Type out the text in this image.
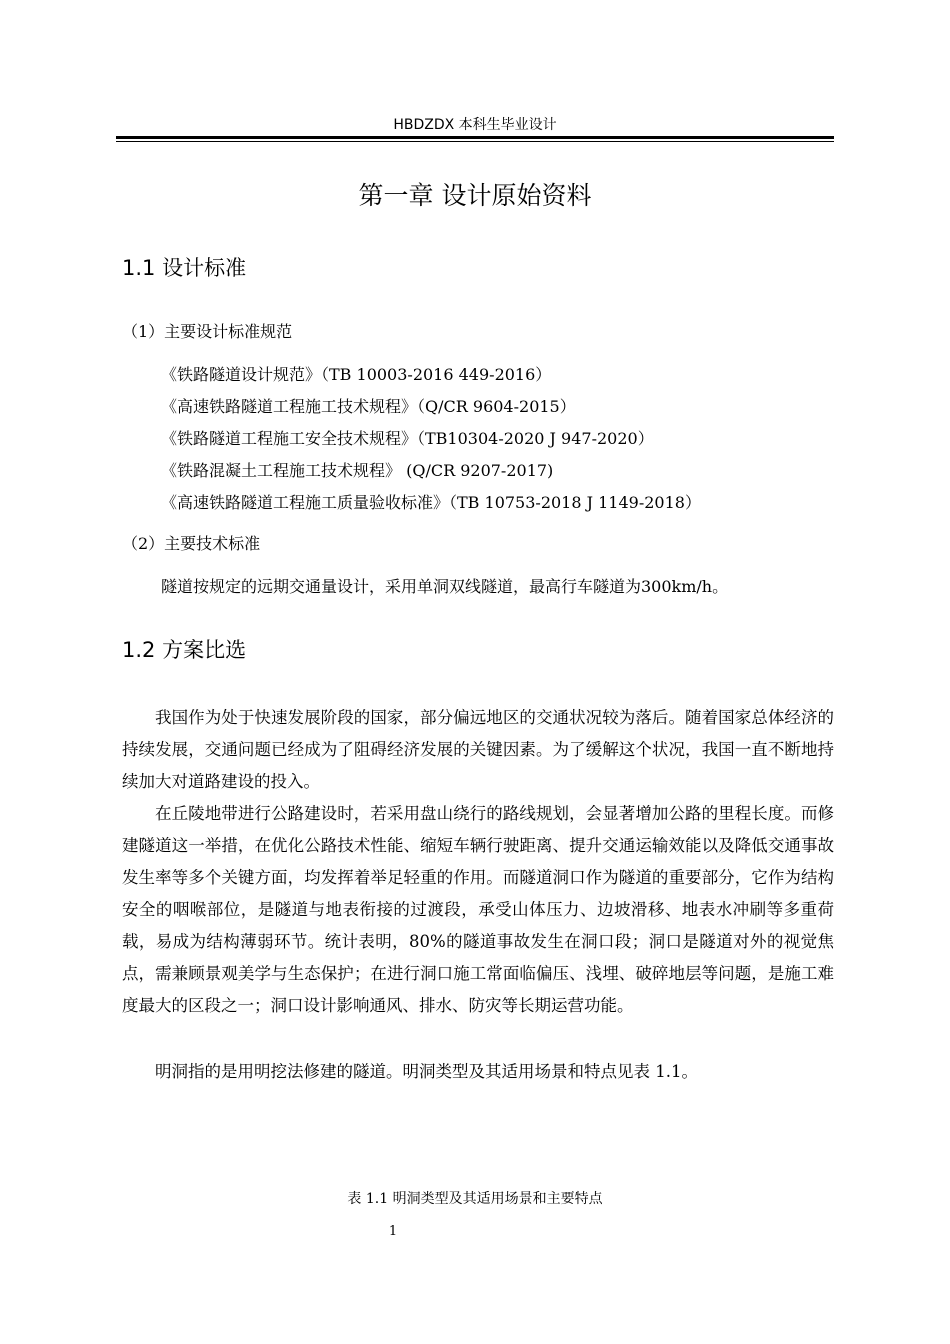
HBDZDX 本科生毕业设计
第一章 设计原始资料
1.1 设计标准
（1）主要设计标准规范
《铁路隧道设计规范》（TB 10003-2016 449-2016）
《高速铁路隧道工程施工技术规程》（Q/CR 9604-2015）
《铁路隧道工程施工安全技术规程》（TB10304-2020 J 947-2020）
《铁路混凝土工程施工技术规程》 (Q/CR 9207-2017)
《高速铁路隧道工程施工质量验收标准》（TB 10753-2018 J 1149-2018）
（2）主要技术标准
隧道按规定的远期交通量设计，采用单洞双线隧道，最高行车隧道为300km/h。
1.2 方案比选
我国作为处于快速发展阶段的国家，部分偏远地区的交通状况较为落后。随着国家总体经济的持续发展，交通问题已经成为了阻碍经济发展的关键因素。为了缓解这个状况，我国一直不断地持续加大对道路建设的投入。
在丘陵地带进行公路建设时，若采用盘山绕行的路线规划，会显著增加公路的里程长度。而修建隧道这一举措，在优化公路技术性能、缩短车辆行驶距离、提升交通运输效能以及降低交通事故发生率等多个关键方面，均发挥着举足轻重的作用。而隧道洞口作为隧道的重要部分，它作为结构安全的咽喉部位，是隧道与地表衔接的过渡段，承受山体压力、边坡滑移、地表水冲刷等多重荷载，易成为结构薄弱环节。统计表明，80%的隧道事故发生在洞口段；洞口是隧道对外的视觉焦点，需兼顾景观美学与生态保护；在进行洞口施工常面临偏压、浅埋、破碎地层等问题，是施工难度最大的区段之一；洞口设计影响通风、排水、防灾等长期运营功能。
明洞指的是用明挖法修建的隧道。明洞类型及其适用场景和特点见表 1.1。
表 1.1 明洞类型及其适用场景和主要特点
1
